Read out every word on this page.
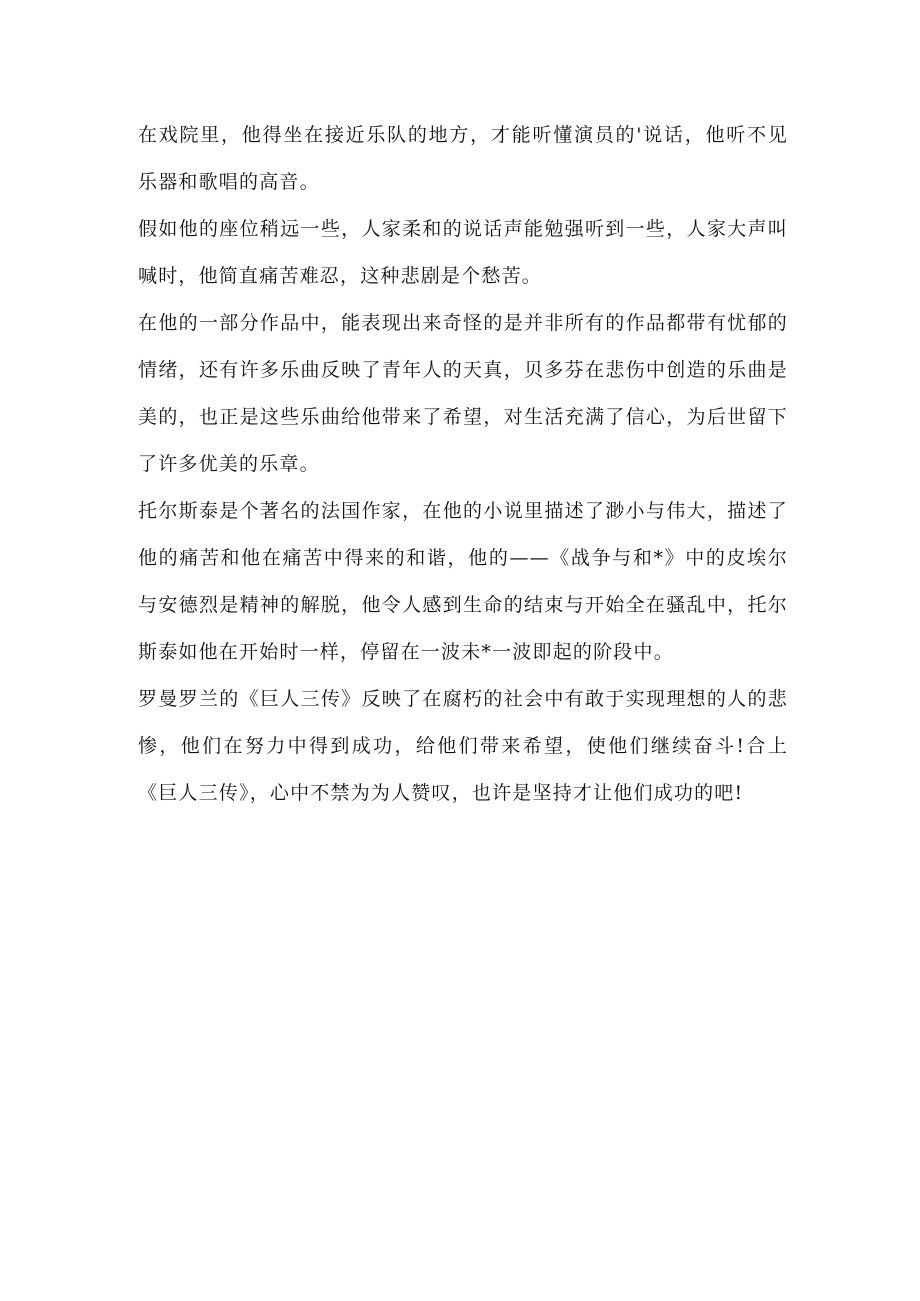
在戏院里，他得坐在接近乐队的地方，才能听懂演员的'说话，他听不见乐器和歌唱的高音。

假如他的座位稍远一些，人家柔和的说话声能勉强听到一些，人家大声叫喊时，他简直痛苦难忍，这种悲剧是个愁苦。

在他的一部分作品中，能表现出来奇怪的是并非所有的作品都带有忧郁的情绪，还有许多乐曲反映了青年人的天真，贝多芬在悲伤中创造的乐曲是美的，也正是这些乐曲给他带来了希望，对生活充满了信心，为后世留下了许多优美的乐章。

托尔斯泰是个著名的法国作家，在他的小说里描述了渺小与伟大，描述了他的痛苦和他在痛苦中得来的和谐，他的——《战争与和*》中的皮埃尔与安德烈是精神的解脱，他令人感到生命的结束与开始全在骚乱中，托尔斯泰如他在开始时一样，停留在一波未*一波即起的阶段中。

罗曼罗兰的《巨人三传》反映了在腐朽的社会中有敢于实现理想的人的悲惨，他们在努力中得到成功，给他们带来希望，使他们继续奋斗!合上《巨人三传》，心中不禁为为人赞叹，也许是坚持才让他们成功的吧!
